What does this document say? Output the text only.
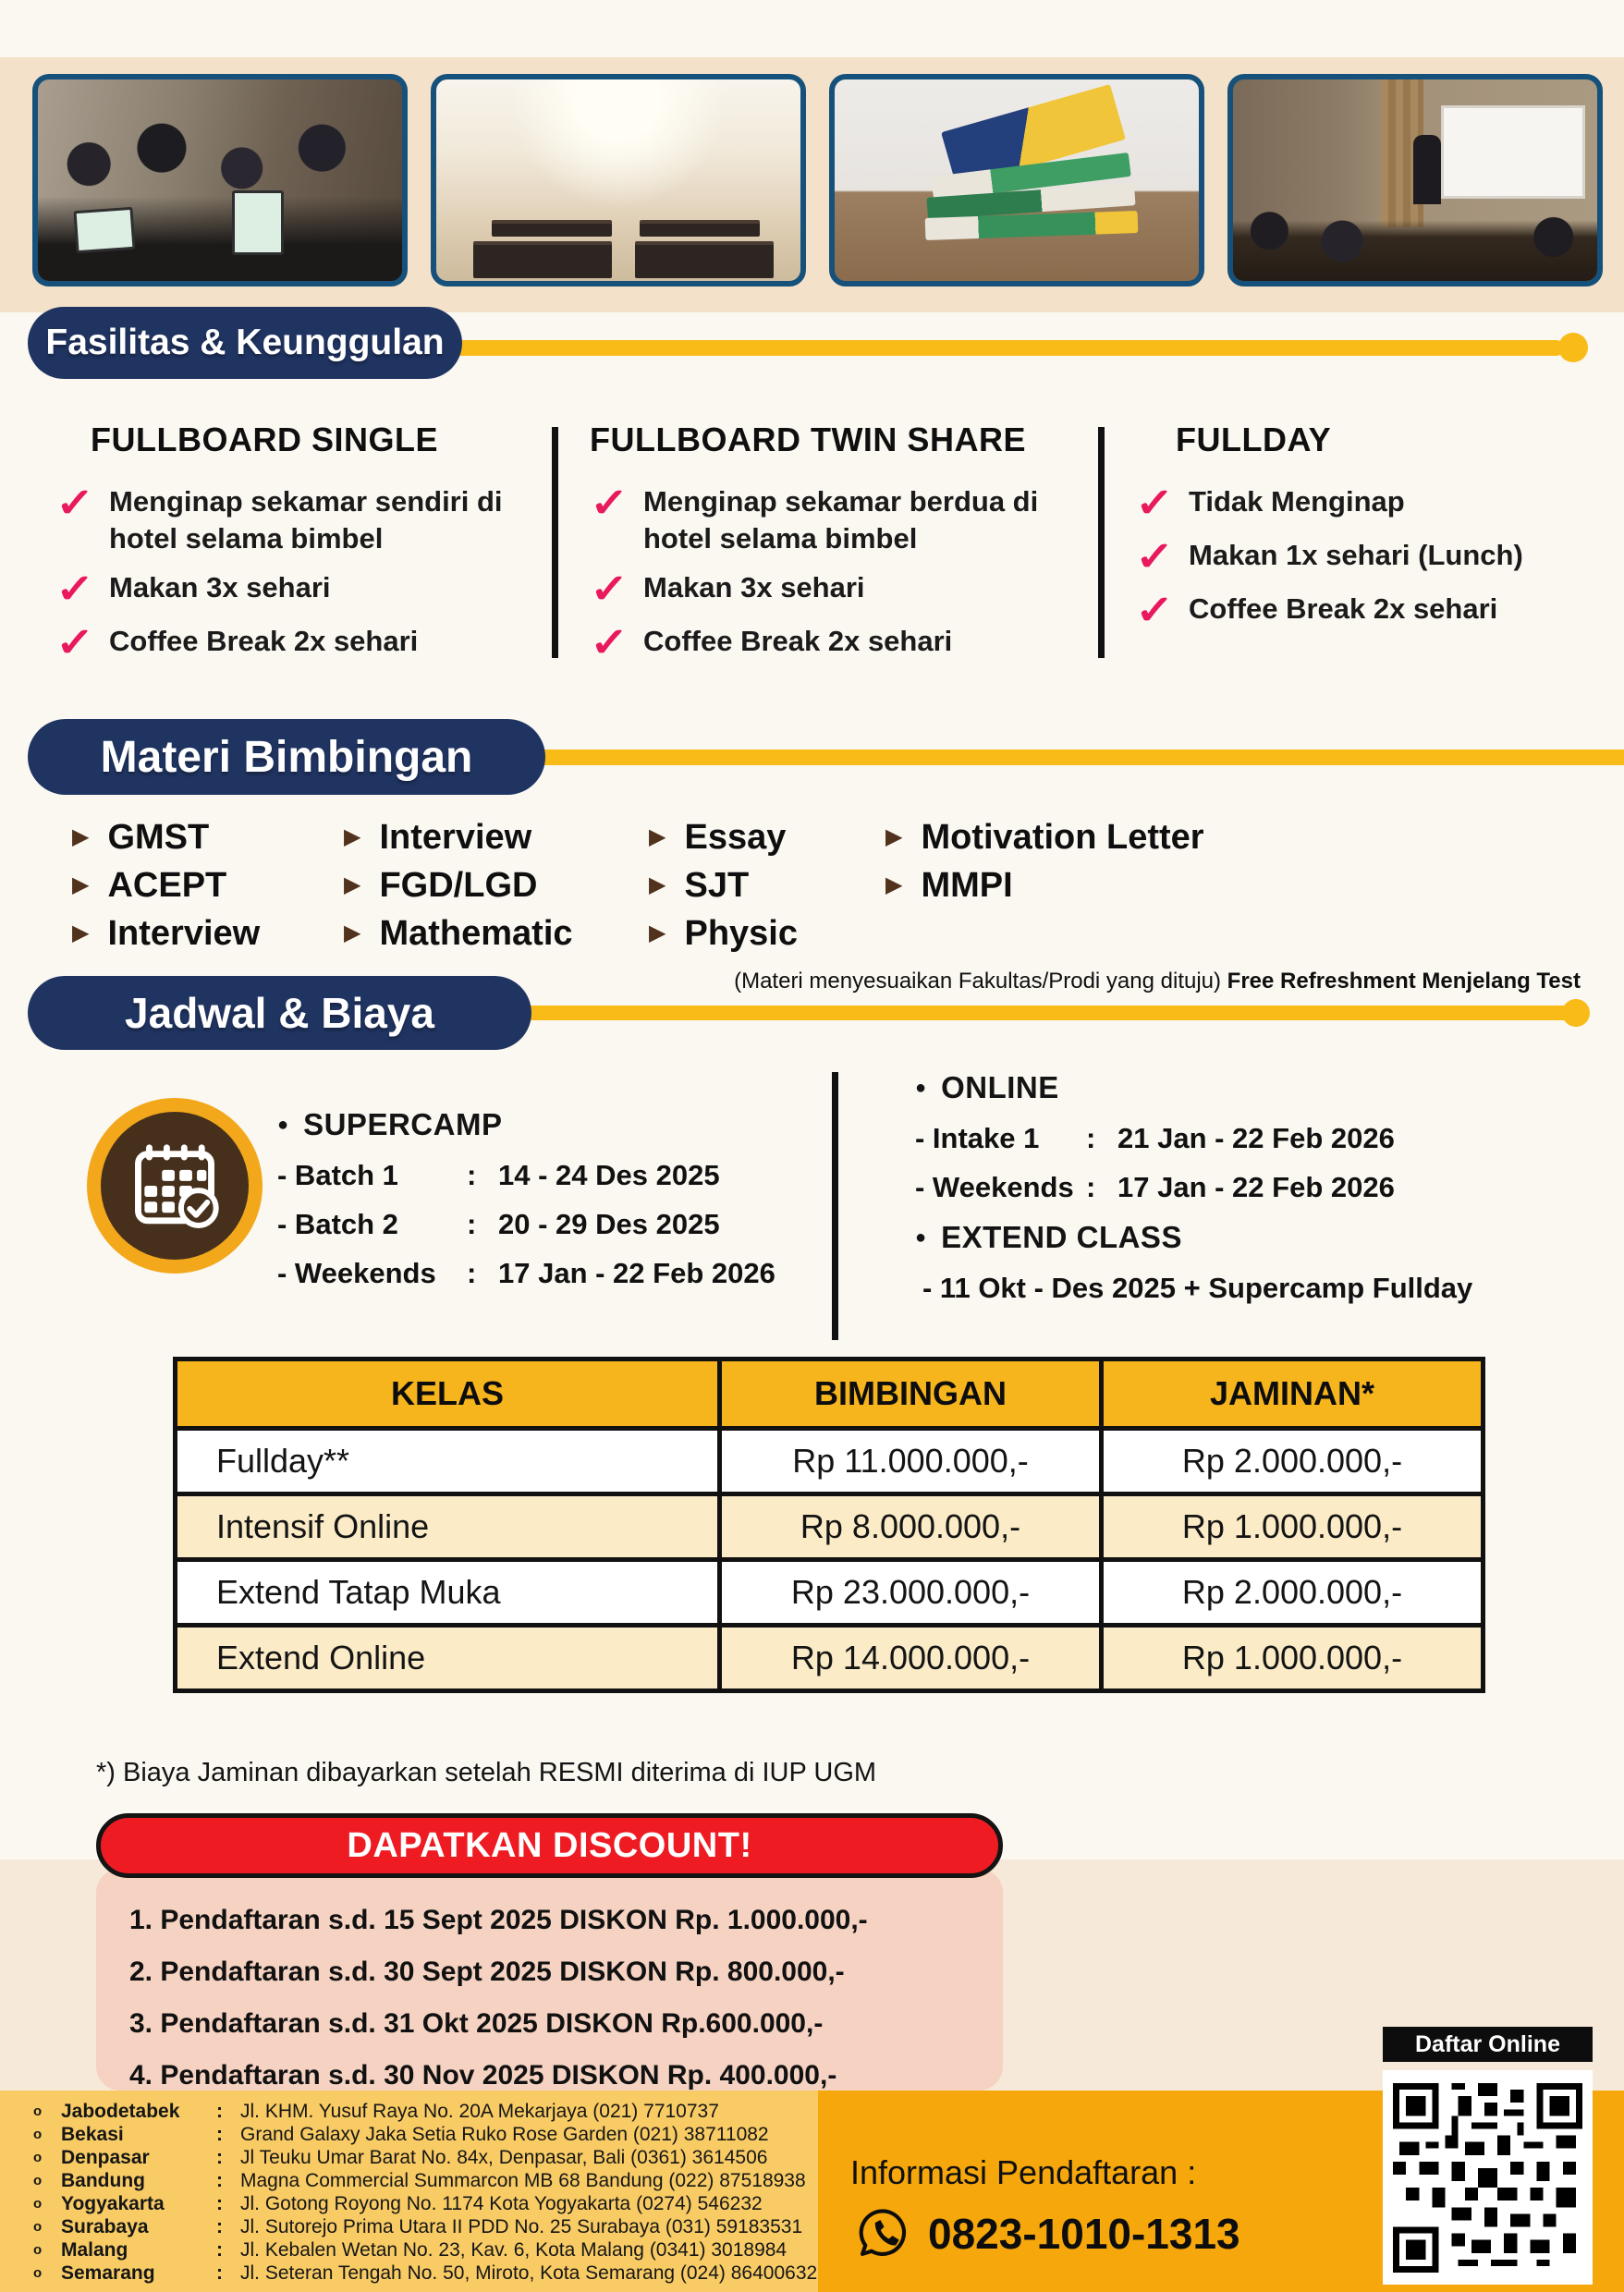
Fasilitas & Keunggulan
FULLBOARD SINGLE
✓ Menginap sekamar sendiri di hotel selama bimbel
✓ Makan 3x sehari
✓ Coffee Break 2x sehari
FULLBOARD TWIN SHARE
✓ Menginap sekamar berdua di hotel selama bimbel
✓ Makan 3x sehari
✓ Coffee Break 2x sehari
FULLDAY
✓ Tidak Menginap
✓ Makan 1x sehari (Lunch)
✓ Coffee Break 2x sehari
Materi Bimbingan
▶ GMST
▶ ACEPT
▶ Interview
▶ Interview
▶ FGD/LGD
▶ Mathematic
▶ Essay
▶ SJT
▶ Physic
▶ Motivation Letter
▶ MMPI
(Materi menyesuaikan Fakultas/Prodi yang dituju) Free Refreshment Menjelang Test
Jadwal & Biaya
● SUPERCAMP
- Batch 1	: 14 - 24 Des 2025
- Batch 2	: 20 - 29 Des 2025
- Weekends	: 17 Jan - 22 Feb 2026
● ONLINE
- Intake 1	: 21 Jan - 22 Feb 2026
- Weekends : 17 Jan - 22 Feb 2026
● EXTEND CLASS
- 11 Okt - Des 2025 + Supercamp Fullday
KELAS	BIMBINGAN	JAMINAN*
Fullday**	Rp 11.000.000,-	Rp 2.000.000,-
Intensif Online	Rp 8.000.000,-	Rp 1.000.000,-
Extend Tatap Muka	Rp 23.000.000,-	Rp 2.000.000,-
Extend Online	Rp 14.000.000,-	Rp 1.000.000,-
*) Biaya Jaminan dibayarkan setelah RESMI diterima di IUP UGM
DAPATKAN DISCOUNT!
1. Pendaftaran s.d. 15 Sept 2025 DISKON Rp. 1.000.000,-
2. Pendaftaran s.d. 30 Sept 2025 DISKON Rp. 800.000,-
3. Pendaftaran s.d. 31 Okt 2025 DISKON Rp.600.000,-
4. Pendaftaran s.d. 30 Nov 2025 DISKON Rp. 400.000,-
o Jabodetabek	: Jl. KHM. Yusuf Raya No. 20A Mekarjaya (021) 7710737
o Bekasi	: Grand Galaxy Jaka Setia Ruko Rose Garden (021) 38711082
o Denpasar	: Jl Teuku Umar Barat No. 84x, Denpasar, Bali (0361) 3614506
o Bandung	: Magna Commercial Summarcon MB 68 Bandung (022) 87518938
o Yogyakarta	: Jl. Gotong Royong No. 1174 Kota Yogyakarta (0274) 546232
o Surabaya	: Jl. Sutorejo Prima Utara II PDD No. 25 Surabaya (031) 59183531
o Malang	: Jl. Kebalen Wetan No. 23, Kav. 6, Kota Malang (0341) 3018984
o Semarang	: Jl. Seteran Tengah No. 50, Miroto, Kota Semarang (024) 86400632
Informasi Pendaftaran :
0823-1010-1313
Daftar Online
